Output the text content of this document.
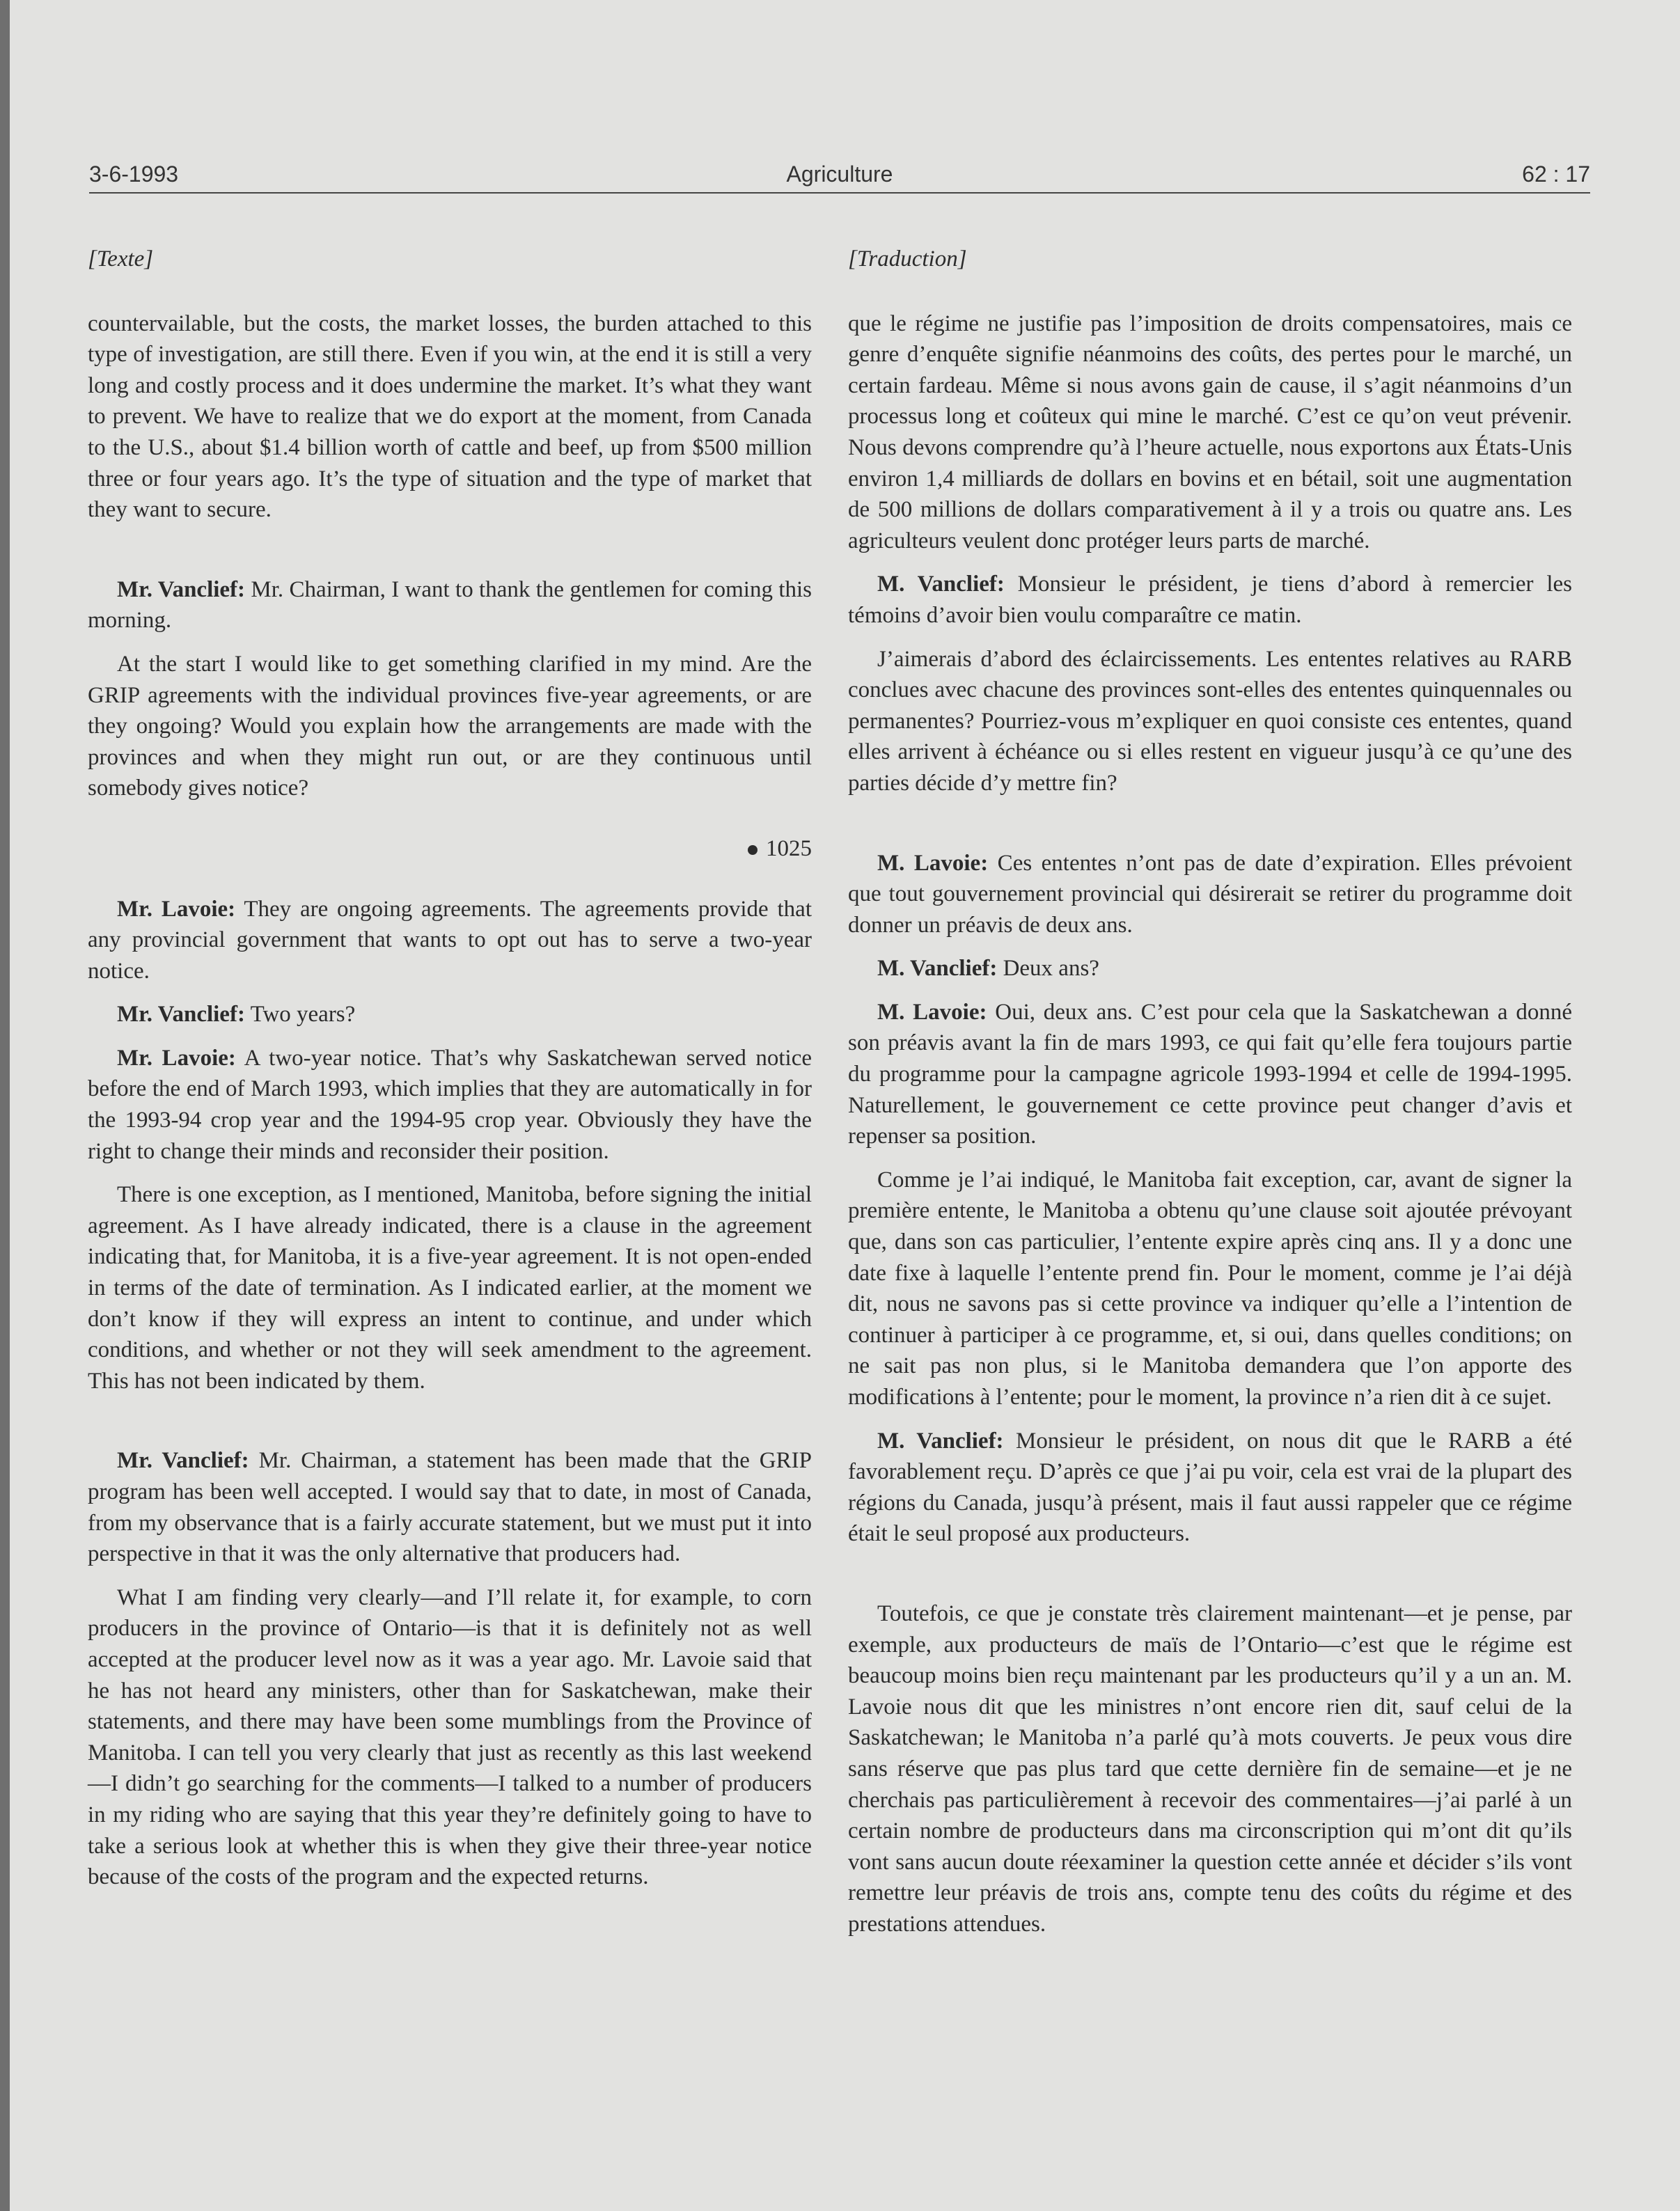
3-6-1993	Agriculture	62 : 17
[Texte]

countervailable, but the costs, the market losses, the burden attached to this type of investigation, are still there. Even if you win, at the end it is still a very long and costly process and it does undermine the market. It’s what they want to prevent. We have to realize that we do export at the moment, from Canada to the U.S., about $1.4 billion worth of cattle and beef, up from $500 million three or four years ago. It’s the type of situation and the type of market that they want to secure.

Mr. Vanclief: Mr. Chairman, I want to thank the gentlemen for coming this morning.

At the start I would like to get something clarified in my mind. Are the GRIP agreements with the individual provinces five-year agreements, or are they ongoing? Would you explain how the arrangements are made with the provinces and when they might run out, or are they continuous until somebody gives notice?

1025

Mr. Lavoie: They are ongoing agreements. The agreements provide that any provincial government that wants to opt out has to serve a two-year notice.

Mr. Vanclief: Two years?

Mr. Lavoie: A two-year notice. That’s why Saskatchewan served notice before the end of March 1993, which implies that they are automatically in for the 1993-94 crop year and the 1994-95 crop year. Obviously they have the right to change their minds and reconsider their position.

There is one exception, as I mentioned, Manitoba, before signing the initial agreement. As I have already indicated, there is a clause in the agreement indicating that, for Manitoba, it is a five-year agreement. It is not open-ended in terms of the date of termination. As I indicated earlier, at the moment we don’t know if they will express an intent to continue, and under which conditions, and whether or not they will seek amendment to the agreement. This has not been indicated by them.

Mr. Vanclief: Mr. Chairman, a statement has been made that the GRIP program has been well accepted. I would say that to date, in most of Canada, from my observance that is a fairly accurate statement, but we must put it into perspective in that it was the only alternative that producers had.

What I am finding very clearly—and I’ll relate it, for example, to corn producers in the province of Ontario—is that it is definitely not as well accepted at the producer level now as it was a year ago. Mr. Lavoie said that he has not heard any ministers, other than for Saskatchewan, make their statements, and there may have been some mumblings from the Province of Manitoba. I can tell you very clearly that just as recently as this last weekend—I didn’t go searching for the comments—I talked to a number of producers in my riding who are saying that this year they’re definitely going to have to take a serious look at whether this is when they give their three-year notice because of the costs of the program and the expected returns.

[Traduction]

que le régime ne justifie pas l’imposition de droits compensatoires, mais ce genre d’enquête signifie néanmoins des coûts, des pertes pour le marché, un certain fardeau. Même si nous avons gain de cause, il s’agit néanmoins d’un processus long et coûteux qui mine le marché. C’est ce qu’on veut prévenir. Nous devons comprendre qu’à l’heure actuelle, nous exportons aux États-Unis environ 1,4 milliards de dollars en bovins et en bétail, soit une augmentation de 500 millions de dollars comparativement à il y a trois ou quatre ans. Les agriculteurs veulent donc protéger leurs parts de marché.

M. Vanclief: Monsieur le président, je tiens d’abord à remercier les témoins d’avoir bien voulu comparaître ce matin.

J’aimerais d’abord des éclaircissements. Les ententes relatives au RARB conclues avec chacune des provinces sont-elles des ententes quinquennales ou permanentes? Pourriez-vous m’expliquer en quoi consiste ces ententes, quand elles arrivent à échéance ou si elles restent en vigueur jusqu’à ce qu’une des parties décide d’y mettre fin?

M. Lavoie: Ces ententes n’ont pas de date d’expiration. Elles prévoient que tout gouvernement provincial qui désirerait se retirer du programme doit donner un préavis de deux ans.

M. Vanclief: Deux ans?

M. Lavoie: Oui, deux ans. C’est pour cela que la Saskatchewan a donné son préavis avant la fin de mars 1993, ce qui fait qu’elle fera toujours partie du programme pour la campagne agricole 1993-1994 et celle de 1994-1995. Naturellement, le gouvernement ce cette province peut changer d’avis et repenser sa position.

Comme je l’ai indiqué, le Manitoba fait exception, car, avant de signer la première entente, le Manitoba a obtenu qu’une clause soit ajoutée prévoyant que, dans son cas particulier, l’entente expire après cinq ans. Il y a donc une date fixe à laquelle l’entente prend fin. Pour le moment, comme je l’ai déjà dit, nous ne savons pas si cette province va indiquer qu’elle a l’intention de continuer à participer à ce programme, et, si oui, dans quelles conditions; on ne sait pas non plus, si le Manitoba demandera que l’on apporte des modifications à l’entente; pour le moment, la province n’a rien dit à ce sujet.

M. Vanclief: Monsieur le président, on nous dit que le RARB a été favorablement reçu. D’après ce que j’ai pu voir, cela est vrai de la plupart des régions du Canada, jusqu’à présent, mais il faut aussi rappeler que ce régime était le seul proposé aux producteurs.

Toutefois, ce que je constate très clairement maintenant—et je pense, par exemple, aux producteurs de maïs de l’Ontario—c’est que le régime est beaucoup moins bien reçu maintenant par les producteurs qu’il y a un an. M. Lavoie nous dit que les ministres n’ont encore rien dit, sauf celui de la Saskatchewan; le Manitoba n’a parlé qu’à mots couverts. Je peux vous dire sans réserve que pas plus tard que cette dernière fin de semaine—et je ne cherchais pas particulièrement à recevoir des commentaires—j’ai parlé à un certain nombre de producteurs dans ma circonscription qui m’ont dit qu’ils vont sans aucun doute réexaminer la question cette année et décider s’ils vont remettre leur préavis de trois ans, compte tenu des coûts du régime et des prestations attendues.
